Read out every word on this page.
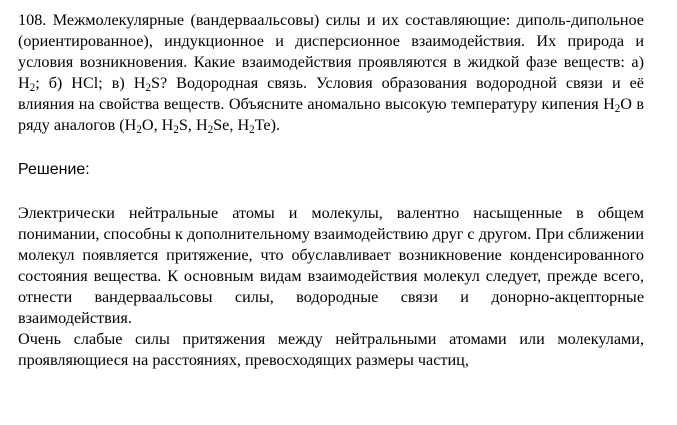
108. Межмолекулярные (вандерваальсовы) силы и их составляющие: диполь-дипольное (ориентированное), индукционное и дисперсионное взаимодействия. Их природа и условия возникновения. Какие взаимодействия проявляются в жидкой фазе веществ: а) $H_2$; б) HCl; в) $H_2S$? Водородная связь. Условия образования водородной связи и её влияния на свойства веществ. Объясните аномально высокую температуру кипения $H_2O$ в ряду аналогов ($H_2O$, $H_2S$, $H_2Se$, $H_2Te$).

Решение:

Электрически нейтральные атомы и молекулы, валентно насыщенные в общем понимании, способны к дополнительному взаимодействию друг с другом. При сближении молекул появляется притяжение, что обуславливает возникновение конденсированного состояния вещества. К основным видам взаимодействия молекул следует, прежде всего, отнести вандерваальсовы силы, водородные связи и донорно-акцепторные взаимодействия.

Очень слабые силы притяжения между нейтральными атомами или молекулами, проявляющиеся на расстояниях, превосходящих размеры частиц,
